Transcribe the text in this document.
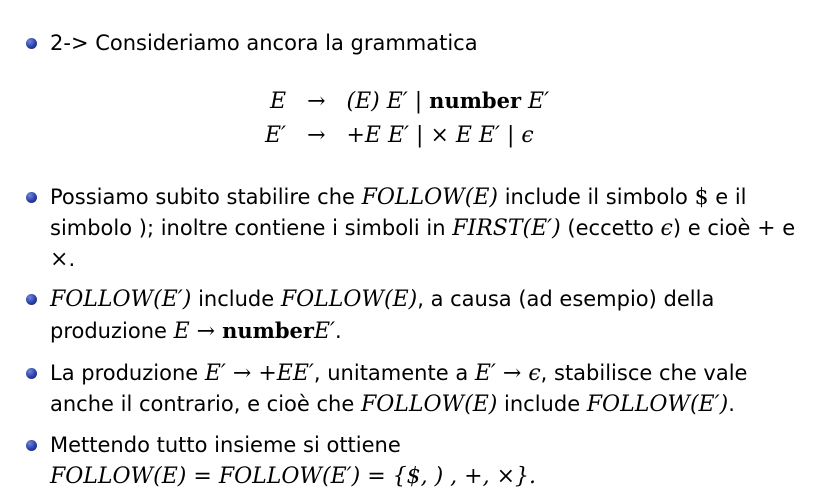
2-> Consideriamo ancora la grammatica
E	→	(E) E′ | number E′
E′	→	+E E′ | × E E′ | ϵ
Possiamo subito stabilire che FOLLOW(E) include il simbolo $ e il simbolo ); inoltre contiene i simboli in FIRST(E′) (eccetto ϵ) e cioè + e ×.
FOLLOW(E′) include FOLLOW(E), a causa (ad esempio) della produzione E → numberE′.
La produzione E′ → +EE′, unitamente a E′ → ϵ, stabilisce che vale anche il contrario, e cioè che FOLLOW(E) include FOLLOW(E′).
Mettendo tutto insieme si ottiene
FOLLOW(E) = FOLLOW(E′) = {$, ) , +, ×}.
